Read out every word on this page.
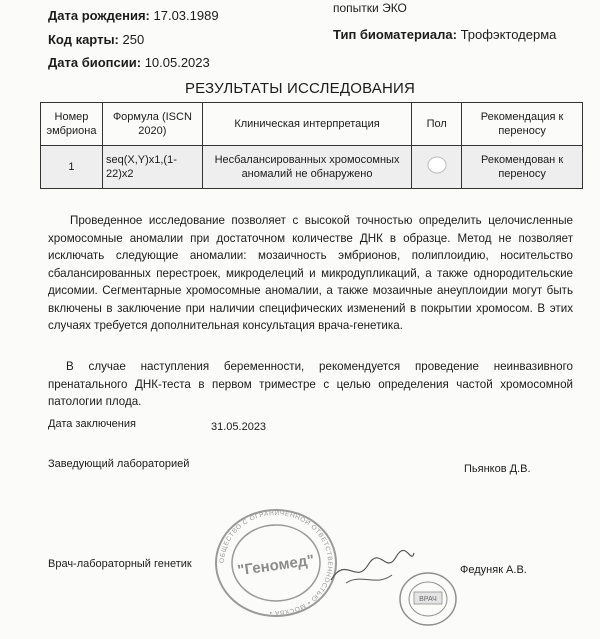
Дата рождения: 17.03.1989
Код карты: 250
Дата биопсии: 10.05.2023
попытки ЭКО
Тип биоматериала: Трофэктодерма
РЕЗУЛЬТАТЫ ИССЛЕДОВАНИЯ
Номер эмбриона	Формула (ISCN 2020)	Клиническая интерпретация	Пол	Рекомендация к переносу
1	seq(X,Y)x1,(1-22)x2	Несбалансированных хромосомных аномалий не обнаружено		Рекомендован к переносу
Проведенное исследование позволяет с высокой точностью определить целочисленные хромосомные аномалии при достаточном количестве ДНК в образце. Метод не позволяет исключать следующие аномалии: мозаичность эмбрионов, полиплоидию, носительство сбалансированных перестроек, микроделеций и микродупликаций, а также однородительские дисомии. Сегментарные хромосомные аномалии, а также мозаичные анеуплоидии могут быть включены в заключение при наличии специфических изменений в покрытии хромосом. В этих случаях требуется дополнительная консультация врача-генетика.
В случае наступления беременности, рекомендуется проведение неинвазивного пренатального ДНК-теста в первом триместре с целью определения частой хромосомной патологии плода.
Дата заключения	31.05.2023
Заведующий лабораторией	Пьянков Д.В.
Врач-лабораторный генетик	Федуняк А.В.
ОБЩЕСТВО С ОГРАНИЧЕННОЙ ОТВЕТСТВЕННОСТЬЮ • МОСКВА •
"Геномед"
ВРАЧ
